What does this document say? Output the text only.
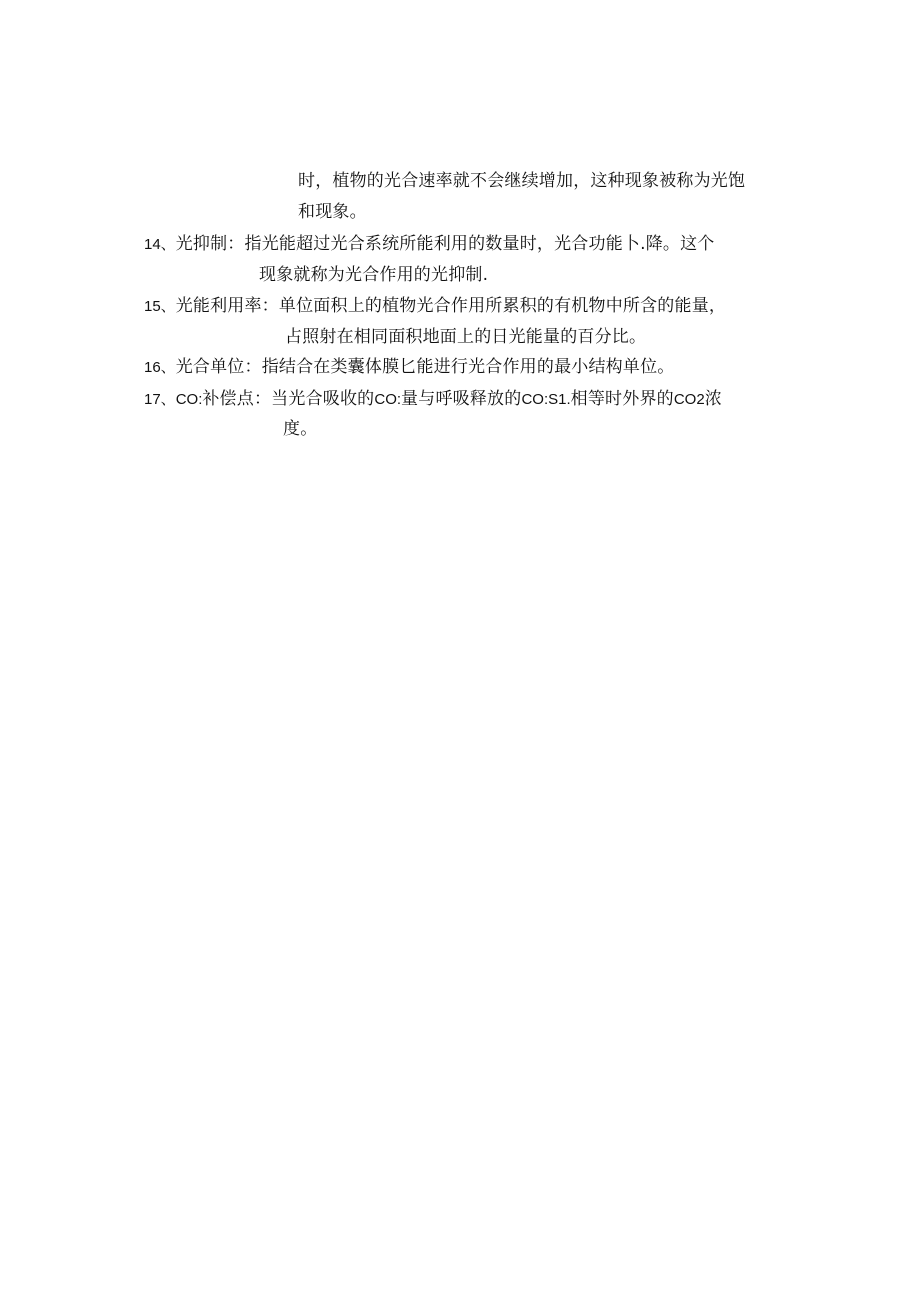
时，植物的光合速率就不会继续增加，这种现象被称为光饱
和现象。
14、光抑制：指光能超过光合系统所能利用的数量时，光合功能卜.降。这个
现象就称为光合作用的光抑制.
15、光能利用率：单位面积上的植物光合作用所累积的有机物中所含的能量，
占照射在相同面积地面上的日光能量的百分比。
16、光合单位：指结合在类囊体膜匕能进行光合作用的最小结构单位。
17、CO:补偿点：当光合吸收的CO:量与呼吸释放的CO:S1.相等时外界的CO2浓
度。
